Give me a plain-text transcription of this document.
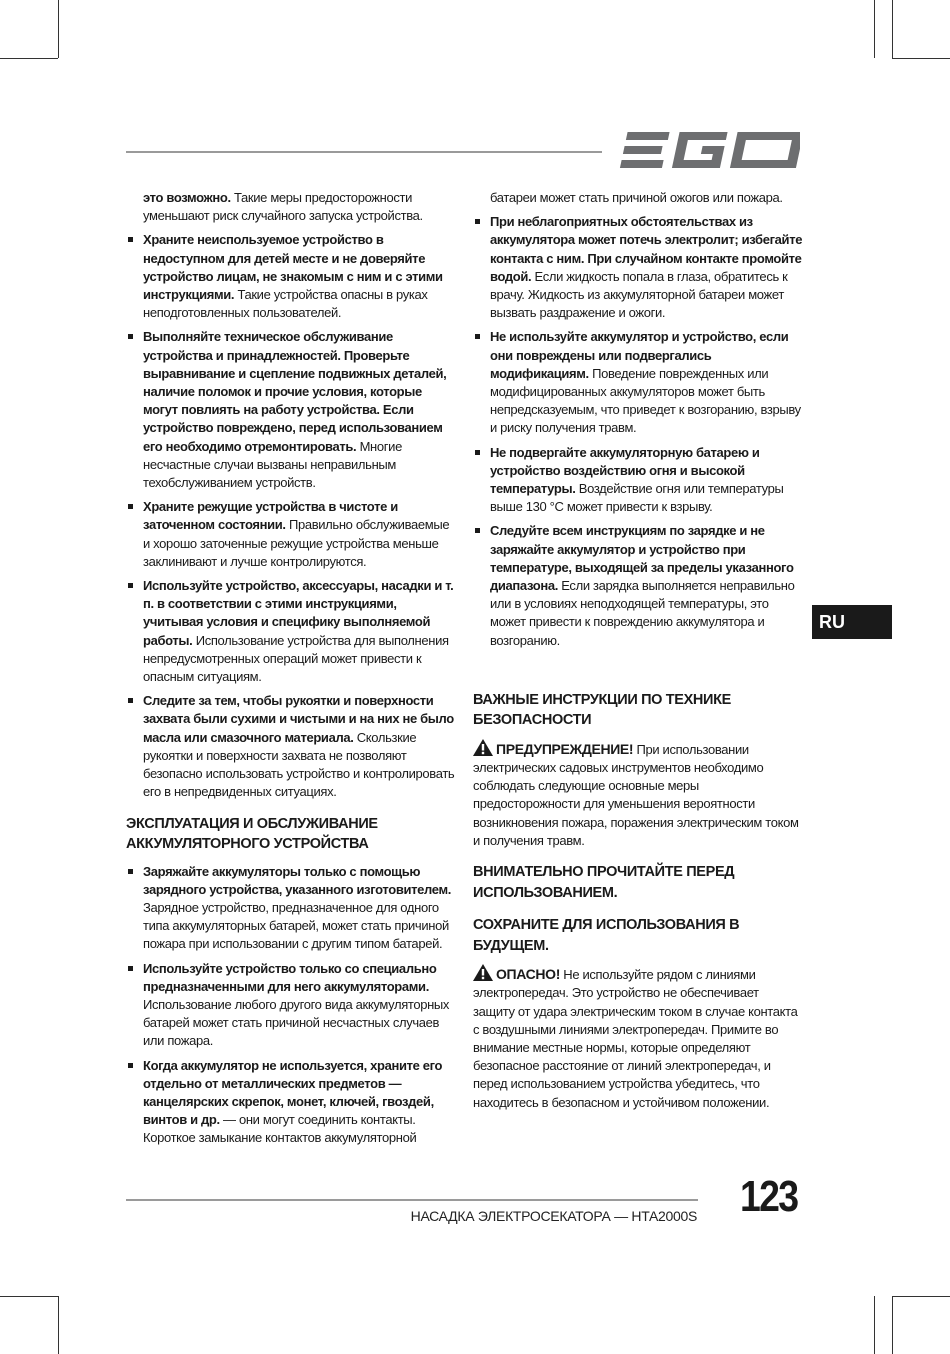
это возможно. Такие меры предосторожности уменьшают риск случайного запуска устройства.

Храните неиспользуемое устройство в недоступном для детей месте и не доверяйте устройство лицам, не знакомым с ним и с этими инструкциями. Такие устройства опасны в руках неподготовленных пользователей.
Выполняйте техническое обслуживание устройства и принадлежностей. Проверьте выравнивание и сцепление подвижных деталей, наличие поломок и прочие условия, которые могут повлиять на работу устройства. Если устройство повреждено, перед использованием его необходимо отремонтировать. Многие несчастные случаи вызваны неправильным техобслуживанием устройств.
Храните режущие устройства в чистоте и заточенном состоянии. Правильно обслуживаемые и хорошо заточенные режущие устройства меньше заклинивают и лучше контролируются.
Используйте устройство, аксессуары, насадки и т. п. в соответствии с этими инструкциями, учитывая условия и специфику выполняемой работы. Использование устройства для выполнения непредусмотренных операций может привести к опасным ситуациям.
Следите за тем, чтобы рукоятки и поверхности захвата были сухими и чистыми и на них не было масла или смазочного материала. Скользкие рукоятки и поверхности захвата не позволяют безопасно использовать устройство и контролировать его в непредвиденных ситуациях.
ЭКСПЛУАТАЦИЯ И ОБСЛУЖИВАНИЕ АККУМУЛЯТОРНОГО УСТРОЙСТВА
Заряжайте аккумуляторы только с помощью зарядного устройства, указанного изготовителем. Зарядное устройство, предназначенное для одного типа аккумуляторных батарей, может стать причиной пожара при использовании с другим типом батарей.
Используйте устройство только со специально предназначенными для него аккумуляторами. Использование любого другого вида аккумуляторных батарей может стать причиной несчастных случаев или пожара.
Когда аккумулятор не используется, храните его отдельно от металлических предметов — канцелярских скрепок, монет, ключей, гвоздей, винтов и др. — они могут соединить контакты. Короткое замыкание контактов аккумуляторной

батареи может стать причиной ожогов или пожара.

При неблагоприятных обстоятельствах из аккумулятора может потечь электролит; избегайте контакта с ним. При случайном контакте промойте водой. Если жидкость попала в глаза, обратитесь к врачу. Жидкость из аккумуляторной батареи может вызвать раздражение и ожоги.
Не используйте аккумулятор и устройство, если они повреждены или подвергались модификациям. Поведение поврежденных или модифицированных аккумуляторов может быть непредсказуемым, что приведет к возгоранию, взрыву и риску получения травм.
Не подвергайте аккумуляторную батарею и устройство воздействию огня и высокой температуры. Воздействие огня или температуры выше 130 °С может привести к взрыву.
Следуйте всем инструкциям по зарядке и не заряжайте аккумулятор и устройство при температуре, выходящей за пределы указанного диапазона. Если зарядка выполняется неправильно или в условиях неподходящей температуры, это может привести к повреждению аккумулятора и возгоранию.
ВАЖНЫЕ ИНСТРУКЦИИ ПО ТЕХНИКЕ БЕЗОПАСНОСТИ

ПРЕДУПРЕЖДЕНИЕ! При использовании электрических садовых инструментов необходимо соблюдать следующие основные меры предосторожности для уменьшения вероятности возникновения пожара, поражения электрическим током и получения травм.

ВНИМАТЕЛЬНО ПРОЧИТАЙТЕ ПЕРЕД ИСПОЛЬЗОВАНИЕМ.
СОХРАНИТЕ ДЛЯ ИСПОЛЬЗОВАНИЯ В БУДУЩЕМ.

ОПАСНО! Не используйте рядом с линиями электропередач. Это устройство не обеспечивает защиту от удара электрическим током в случае контакта с воздушными линиями электропередач. Примите во внимание местные нормы, которые определяют безопасное расстояние от линий электропередач, и перед использованием устройства убедитесь, что находитесь в безопасном и устойчивом положении.

RU
НАСАДКА ЭЛЕКТРОСЕКАТОРА — НТА2000S 123
